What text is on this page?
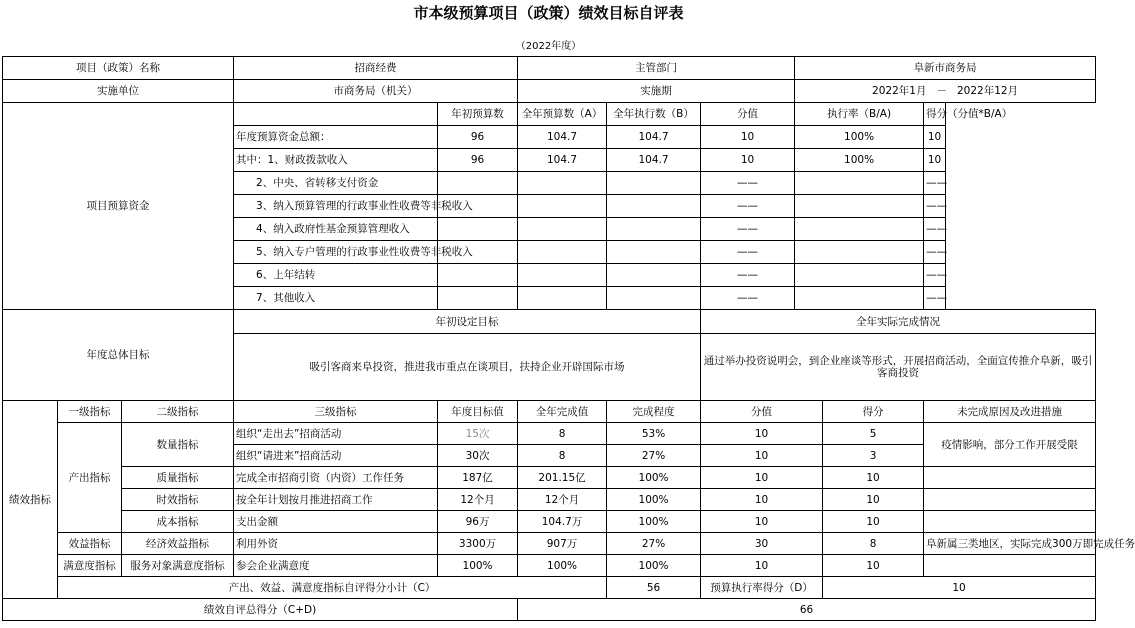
市本级预算项目（政策）绩效目标自评表
（2022年度）
项目（政策）名称			招商经费		主管部门			阜新市商务局		
实施单位			市商务局（机关）		实施期			2022年1月   －   2022年12月		
项目预算资金				年初预算数	全年预算数（A）	全年执行数（B）	分值	执行率（B/A)		得分（分值*B/A）
			年度预算资金总额：	96	104.7	104.7	10	100%		10
			其中：1、财政拨款收入	96	104.7	104.7	10	100%		10
			2、中央、省转移支付资金				——			——
			3、纳入预算管理的行政事业性收费等非税收入				——			——
			4、纳入政府性基金预算管理收入				——			——
			5、纳入专户管理的行政事业性收费等非税收入				——			——
			6、上年结转				——			——
			7、其他收入				——			——
年度总体目标			年初设定目标				全年实际完成情况			
			吸引客商来阜投资，推进我市重点在谈项目，扶持企业开辟国际市场				通过举办投资说明会，到企业座谈等形式，开展招商活动，全面宣传推介阜新，吸引客商投资			
绩效指标	一级指标	二级指标	三级指标	年度目标值	全年完成值	完成程度	分值		得分	未完成原因及改进措施
	产出指标	数量指标	组织“走出去”招商活动	15次	8	53%	10		5	疫情影响，部分工作开展受限
			组织“请进来”招商活动	30次	8	27%	10		3	
		质量指标	完成全市招商引资（内资）工作任务	187亿	201.15亿	100%	10		10	
		时效指标	按全年计划按月推进招商工作	12个月	12个月	100%	10		10	
		成本指标	支出金额	96万	104.7万	100%	10		10	
	效益指标	经济效益指标	利用外资	3300万	907万	27%	30		8	阜新属三类地区，实际完成300万即完成任务
	满意度指标	服务对象满意度指标	参会企业满意度	100%	100%	100%	10		10	
	产出、效益、满意度指标自评得分小计（C）					56	预算执行率得分（D）		10	
绩效自评总得分（C+D)					66					
